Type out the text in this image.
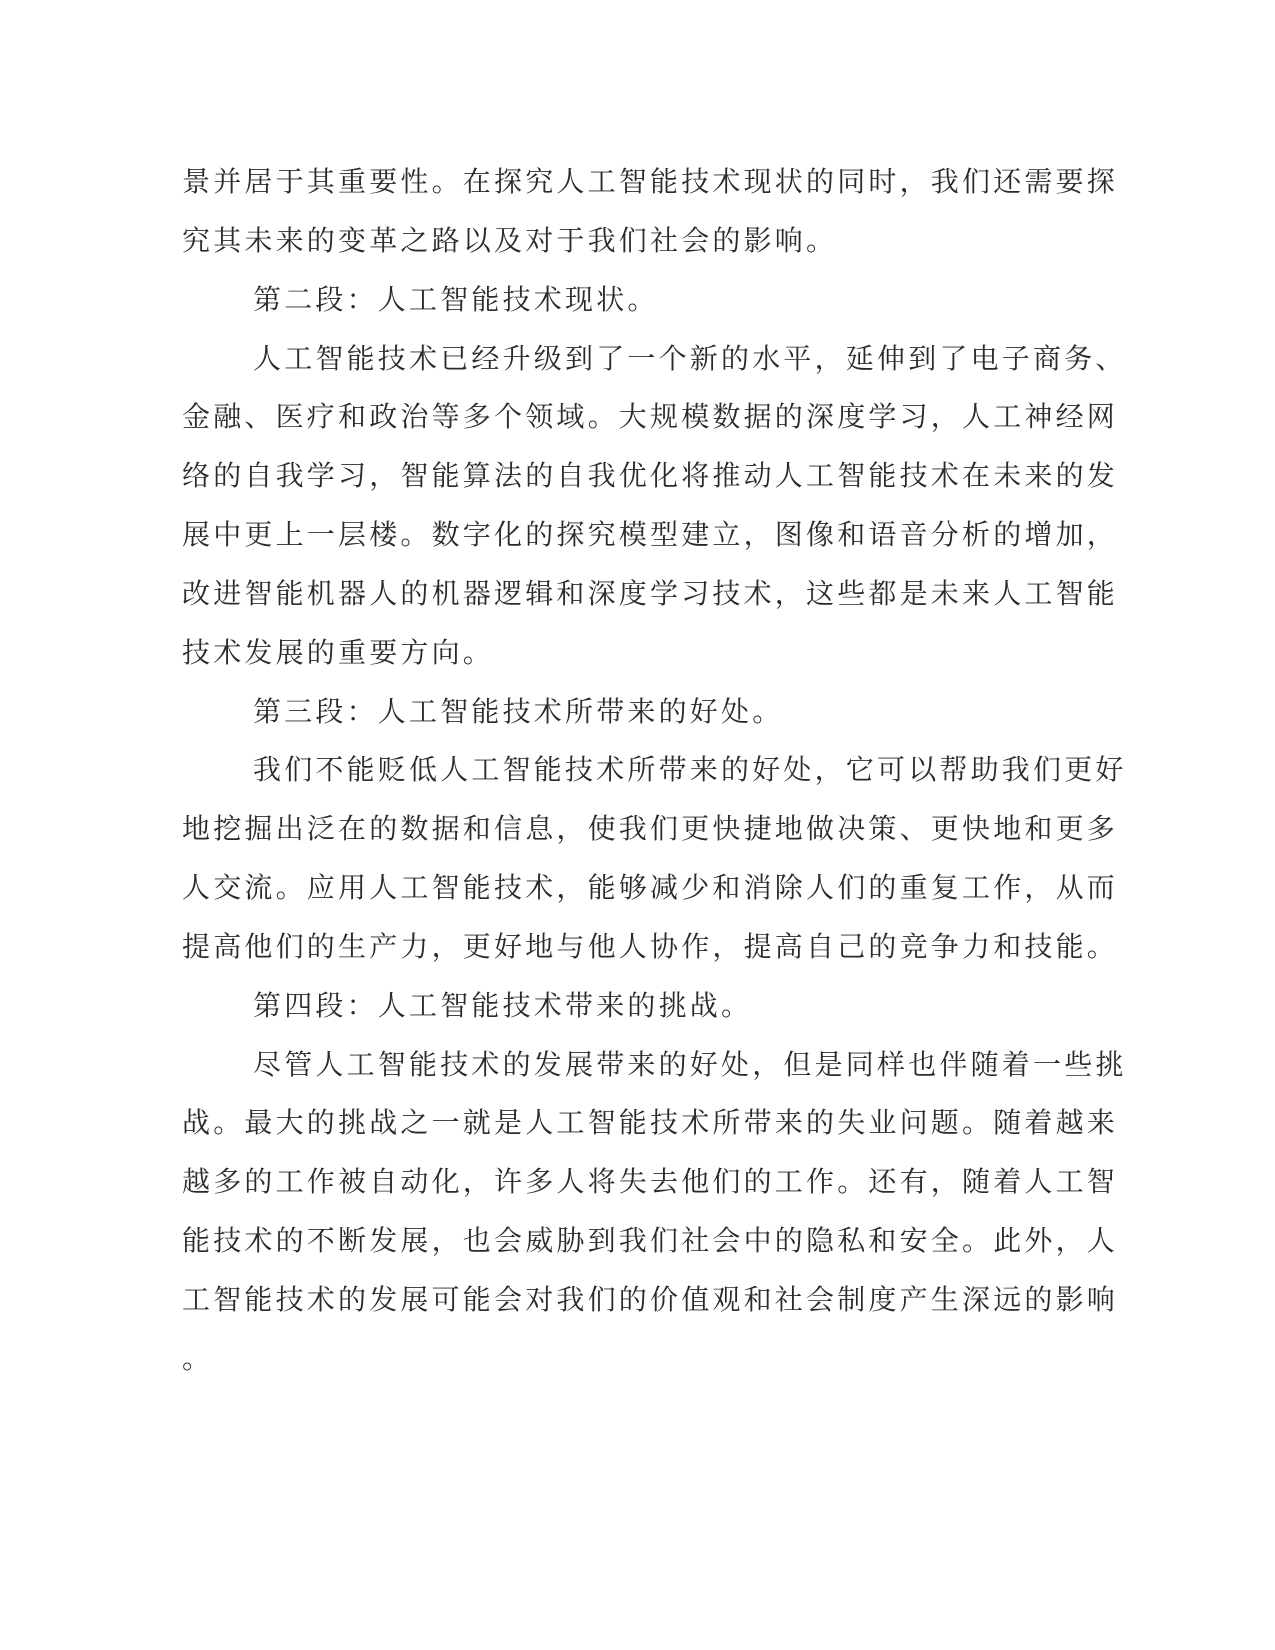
景并居于其重要性。在探究人工智能技术现状的同时，我们还需要探
究其未来的变革之路以及对于我们社会的影响。
第二段：人工智能技术现状。
人工智能技术已经升级到了一个新的水平，延伸到了电子商务、
金融、医疗和政治等多个领域。大规模数据的深度学习，人工神经网
络的自我学习，智能算法的自我优化将推动人工智能技术在未来的发
展中更上一层楼。数字化的探究模型建立，图像和语音分析的增加，
改进智能机器人的机器逻辑和深度学习技术，这些都是未来人工智能
技术发展的重要方向。
第三段：人工智能技术所带来的好处。
我们不能贬低人工智能技术所带来的好处，它可以帮助我们更好
地挖掘出泛在的数据和信息，使我们更快捷地做决策、更快地和更多
人交流。应用人工智能技术，能够减少和消除人们的重复工作，从而
提高他们的生产力，更好地与他人协作，提高自己的竞争力和技能。
第四段：人工智能技术带来的挑战。
尽管人工智能技术的发展带来的好处，但是同样也伴随着一些挑
战。最大的挑战之一就是人工智能技术所带来的失业问题。随着越来
越多的工作被自动化，许多人将失去他们的工作。还有，随着人工智
能技术的不断发展，也会威胁到我们社会中的隐私和安全。此外，人
工智能技术的发展可能会对我们的价值观和社会制度产生深远的影响
。
